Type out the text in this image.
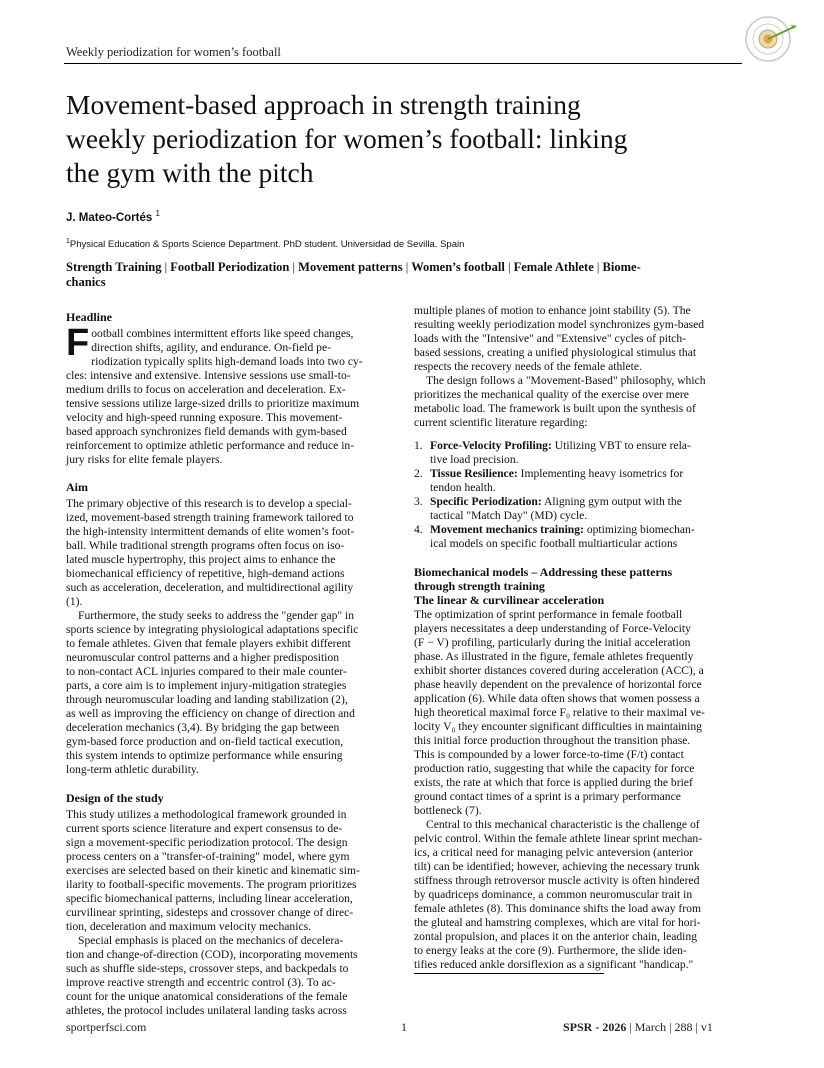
Weekly periodization for women’s football
Movement-based approach in strength training
weekly periodization for women’s football: linking
the gym with the pitch
J. Mateo-Cortés $^1$
$^1$Physical Education & Sports Science Department. PhD student. Universidad de Sevilla. Spain
Strength Training | Football Periodization | Movement patterns | Women’s football | Female Athlete | Biome-
chanics
Headline
F ootball combines intermittent efforts like speed changes,
direction shifts, agility, and endurance. On-field pe-
riodization typically splits high-demand loads into two cy-
cles: intensive and extensive. Intensive sessions use small-to-
medium drills to focus on acceleration and deceleration. Ex-
tensive sessions utilize large-sized drills to prioritize maximum
velocity and high-speed running exposure. This movement-
based approach synchronizes field demands with gym-based
reinforcement to optimize athletic performance and reduce in-
jury risks for elite female players.
Aim
The primary objective of this research is to develop a special-
ized, movement-based strength training framework tailored to
the high-intensity intermittent demands of elite women’s foot-
ball. While traditional strength programs often focus on iso-
lated muscle hypertrophy, this project aims to enhance the
biomechanical efficiency of repetitive, high-demand actions
such as acceleration, deceleration, and multidirectional agility
(1).
Furthermore, the study seeks to address the "gender gap" in
sports science by integrating physiological adaptations specific
to female athletes. Given that female players exhibit different
neuromuscular control patterns and a higher predisposition
to non-contact ACL injuries compared to their male counter-
parts, a core aim is to implement injury-mitigation strategies
through neuromuscular loading and landing stabilization (2),
as well as improving the efficiency on change of direction and
deceleration mechanics (3,4). By bridging the gap between
gym-based force production and on-field tactical execution,
this system intends to optimize performance while ensuring
long-term athletic durability.
Design of the study
This study utilizes a methodological framework grounded in
current sports science literature and expert consensus to de-
sign a movement-specific periodization protocol. The design
process centers on a "transfer-of-training" model, where gym
exercises are selected based on their kinetic and kinematic sim-
ilarity to football-specific movements. The program prioritizes
specific biomechanical patterns, including linear acceleration,
curvilinear sprinting, sidesteps and crossover change of direc-
tion, deceleration and maximum velocity mechanics.
Special emphasis is placed on the mechanics of decelera-
tion and change-of-direction (COD), incorporating movements
such as shuffle side-steps, crossover steps, and backpedals to
improve reactive strength and eccentric control (3). To ac-
count for the unique anatomical considerations of the female
athletes, the protocol includes unilateral landing tasks across
multiple planes of motion to enhance joint stability (5). The
resulting weekly periodization model synchronizes gym-based
loads with the "Intensive" and "Extensive" cycles of pitch-
based sessions, creating a unified physiological stimulus that
respects the recovery needs of the female athlete.
The design follows a "Movement-Based" philosophy, which
prioritizes the mechanical quality of the exercise over mere
metabolic load. The framework is built upon the synthesis of
current scientific literature regarding:
1. Force-Velocity Profiling: Utilizing VBT to ensure rela-
tive load precision.
2. Tissue Resilience: Implementing heavy isometrics for
tendon health.
3. Specific Periodization: Aligning gym output with the
tactical "Match Day" (MD) cycle.
4. Movement mechanics training: optimizing biomechan-
ical models on specific football multiarticular actions
Biomechanical models – Addressing these patterns
through strength training
The linear & curvilinear acceleration
The optimization of sprint performance in female football
players necessitates a deep understanding of Force-Velocity
(F − V) profiling, particularly during the initial acceleration
phase. As illustrated in the figure, female athletes frequently
exhibit shorter distances covered during acceleration (ACC), a
phase heavily dependent on the prevalence of horizontal force
application (6). While data often shows that women possess a
high theoretical maximal force F₀ relative to their maximal ve-
locity V₀ they encounter significant difficulties in maintaining
this initial force production throughout the transition phase.
This is compounded by a lower force-to-time (F/t) contact
production ratio, suggesting that while the capacity for force
exists, the rate at which that force is applied during the brief
ground contact times of a sprint is a primary performance
bottleneck (7).
Central to this mechanical characteristic is the challenge of
pelvic control. Within the female athlete linear sprint mechan-
ics, a critical need for managing pelvic anteversion (anterior
tilt) can be identified; however, achieving the necessary trunk
stiffness through retroversor muscle activity is often hindered
by quadriceps dominance, a common neuromuscular trait in
female athletes (8). This dominance shifts the load away from
the gluteal and hamstring complexes, which are vital for hori-
zontal propulsion, and places it on the anterior chain, leading
to energy leaks at the core (9). Furthermore, the slide iden-
tifies reduced ankle dorsiflexion as a significant "handicap."
sportperfsci.com	1	SPSR - 2026 | March | 288 | v1
